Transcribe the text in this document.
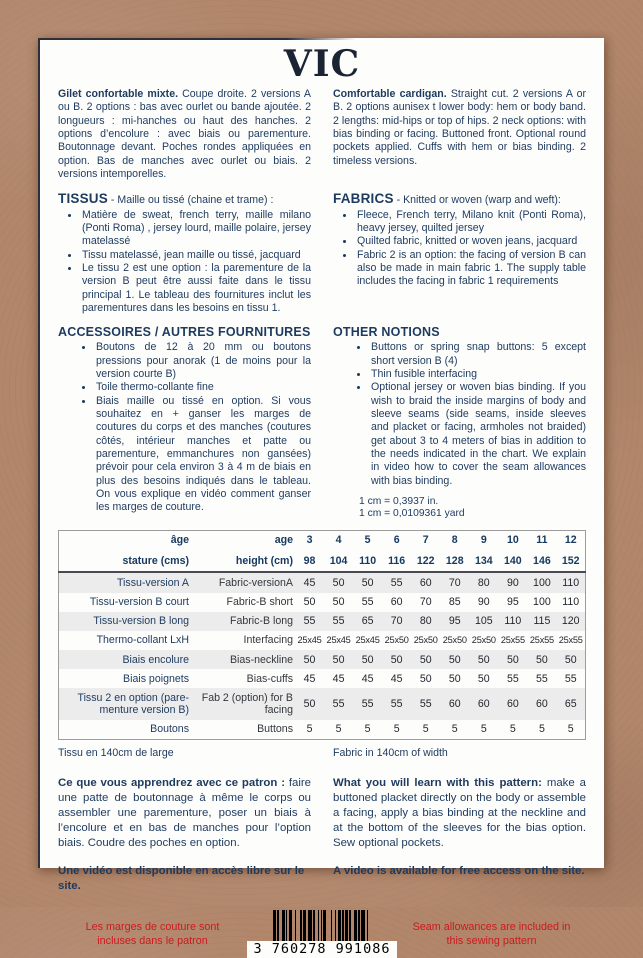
VIC

Gilet confortable mixte. Coupe droite. 2 versions A ou B. 2 options : bas avec ourlet ou bande ajoutée. 2 longueurs : mi-hanches ou haut des hanches. 2 options d’encolure : avec biais ou parementure. Boutonnage devant. Poches rondes appliquées en option. Bas de manches avec ourlet ou biais. 2 versions intemporelles.

Comfortable cardigan. Straight cut. 2 versions A or B. 2 options aunisex t lower body: hem or body band. 2 lengths: mid-hips or top of hips. 2 neck options: with bias binding or facing. Buttoned front. Optional round pockets applied. Cuffs with hem or bias binding. 2 timeless versions.

TISSUS - Maille ou tissé (chaine et trame) :
• Matière de sweat, french terry, maille milano (Ponti Roma) , jersey lourd, maille polaire, jersey matelassé
• Tissu matelassé, jean maille ou tissé, jacquard
• Le tissu 2 est une option : la parementure de la version B peut être aussi faite dans le tissu principal 1. Le tableau des fournitures inclut les parementures dans les besoins en tissu 1.
FABRICS - Knitted or woven (warp and weft):
• Fleece, French terry, Milano knit (Ponti Roma), heavy jersey, quilted jersey
• Quilted fabric, knitted or woven jeans, jacquard
• Fabric 2 is an option: the facing of version B can also be made in main fabric 1. The supply table includes the facing in fabric 1 requirements
ACCESSOIRES / AUTRES FOURNITURES
• Boutons de 12 à 20 mm ou boutons pressions pour anorak (1 de moins pour la version courte B)
• Toile thermo-collante fine
• Biais maille ou tissé en option. Si vous souhaitez en + ganser les marges de coutures du corps et des manches (coutures côtés, intérieur manches et patte ou parementure, emmanchures non gansées) prévoir pour cela environ 3 à 4 m de biais en plus des besoins indiqués dans le tableau. On vous explique en vidéo comment ganser les marges de couture.
OTHER NOTIONS
• Buttons or spring snap buttons: 5 except short version B (4)
• Thin fusible interfacing
• Optional jersey or woven bias binding. If you wish to braid the inside margins of body and sleeve seams (side seams, inside sleeves and placket or facing, armholes not braided) get about 3 to 4 meters of bias in addition to the needs indicated in the chart. We explain in video how to cover the seam allowances with bias binding.
1 cm = 0,3937 in.
1 cm = 0,0109361 yard
âge	age	3	4	5	6	7	8	9	10	11	12
stature (cms)	height (cm)	98	104	110	116	122	128	134	140	146	152
Tissu-version A	Fabric-versionA	45	50	50	55	60	70	80	90	100	110
Tissu-version B court	Fabric-B short	50	50	55	60	70	85	90	95	100	110
Tissu-version B long	Fabric-B long	55	55	65	70	80	95	105	110	115	120
Thermo-collant LxH	Interfacing	25x45	25x45	25x45	25x50	25x50	25x50	25x50	25x55	25x55	25x55
Biais encolure	Bias-neckline	50	50	50	50	50	50	50	50	50	50
Biais poignets	Bias-cuffs	45	45	45	45	50	50	50	55	55	55
Tissu 2 en option (parementure version B)	Fab 2 (option) for B facing	50	55	55	55	55	60	60	60	60	65
Boutons	Buttons	5	5	5	5	5	5	5	5	5	5
Tissu en 140cm de large	Fabric in 140cm of width

Ce que vous apprendrez avec ce patron : faire une patte de boutonnage à même le corps ou assembler une parementure, poser un biais à l’encolure et en bas de manches pour l’option biais. Coudre des poches en option.

Une vidéo est disponible en accès libre sur le site.

What you will learn with this pattern: make a buttoned placket directly on the body or assemble a facing, apply a bias binding at the neckline and at the bottom of the sleeves for the bias option. Sew optional pockets.

A video is available for free access on the site.

Les marges de couture sont incluses dans le patron	3 760278 991086
Seam allowances are included in this sewing pattern
